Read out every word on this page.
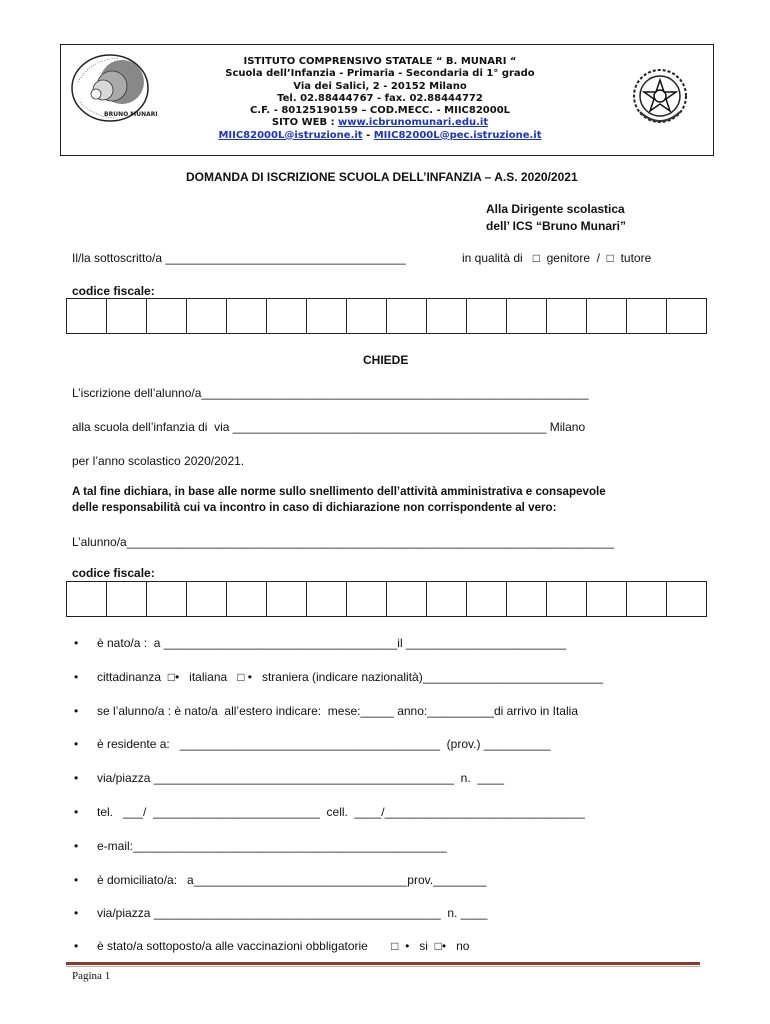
BRUNO MUNARI
ISTITUTO COMPRENSIVO STATALE “ B. MUNARI “
Scuola dell’Infanzia - Primaria - Secondaria di 1° grado
Via dei Salici, 2 - 20152 Milano
Tel. 02.88444767 - fax. 02.88444772
C.F. - 80125190159 – COD.MECC. - MIIC82000L
SITO WEB : www.icbrunomunari.edu.it
MIIC82000L@istruzione.it - MIIC82000L@pec.istruzione.it
DOMANDA DI ISCRIZIONE SCUOLA DELL’INFANZIA – A.S. 2020/2021
Alla Dirigente scolastica
dell’ ICS “Bruno Munari”
Il/la sottoscritto/a ____________________________________	in qualità di   □  genitore  /  □  tutore
codice fiscale:
CHIEDE
L’iscrizione dell’alunno/a__________________________________________________________
alla scuola dell’infanzia di  via _______________________________________________ Milano
per l’anno scolastico 2020/2021.
A tal fine dichiara, in base alle norme sullo snellimento dell’attività amministrativa e consapevole
delle responsabilità cui va incontro in caso di dichiarazione non corrispondente al vero:
L’alunno/a_________________________________________________________________________
codice fiscale:
• è nato/a :  a ___________________________________il ________________________
• cittadinanza  □•   italiana   □ •   straniera (indicare nazionalità)___________________________
• se l’alunno/a : è nato/a  all’estero indicare:  mese:_____ anno:__________di arrivo in Italia
• è residente a:   _______________________________________  (prov.) __________
• via/piazza _____________________________________________  n.  ____
• tel.   ___/  _________________________  cell.  ____/______________________________
• e-mail:_______________________________________________
• è domiciliato/a:   a________________________________prov.________
• via/piazza ___________________________________________  n. ____
• è stato/a sottoposto/a alle vaccinazioni obbligatorie       □  •   si  □•   no
Pagina 1
